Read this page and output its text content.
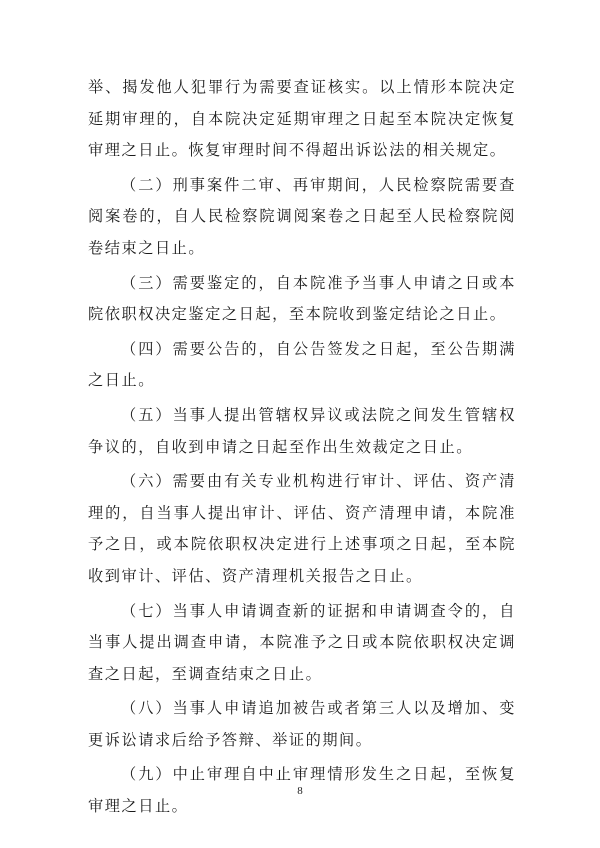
举、揭发他人犯罪行为需要查证核实。以上情形本院决定延期审理的，自本院决定延期审理之日起至本院决定恢复审理之日止。恢复审理时间不得超出诉讼法的相关规定。

（二）刑事案件二审、再审期间，人民检察院需要查阅案卷的，自人民检察院调阅案卷之日起至人民检察院阅卷结束之日止。

（三）需要鉴定的，自本院准予当事人申请之日或本院依职权决定鉴定之日起，至本院收到鉴定结论之日止。

（四）需要公告的，自公告签发之日起，至公告期满之日止。

（五）当事人提出管辖权异议或法院之间发生管辖权争议的，自收到申请之日起至作出生效裁定之日止。

（六）需要由有关专业机构进行审计、评估、资产清理的，自当事人提出审计、评估、资产清理申请，本院准予之日，或本院依职权决定进行上述事项之日起，至本院收到审计、评估、资产清理机关报告之日止。

（七）当事人申请调查新的证据和申请调查令的，自当事人提出调查申请，本院准予之日或本院依职权决定调查之日起，至调查结束之日止。

（八）当事人申请追加被告或者第三人以及增加、变更诉讼请求后给予答辩、举证的期间。

（九）中止审理自中止审理情形发生之日起，至恢复审理之日止。

8
